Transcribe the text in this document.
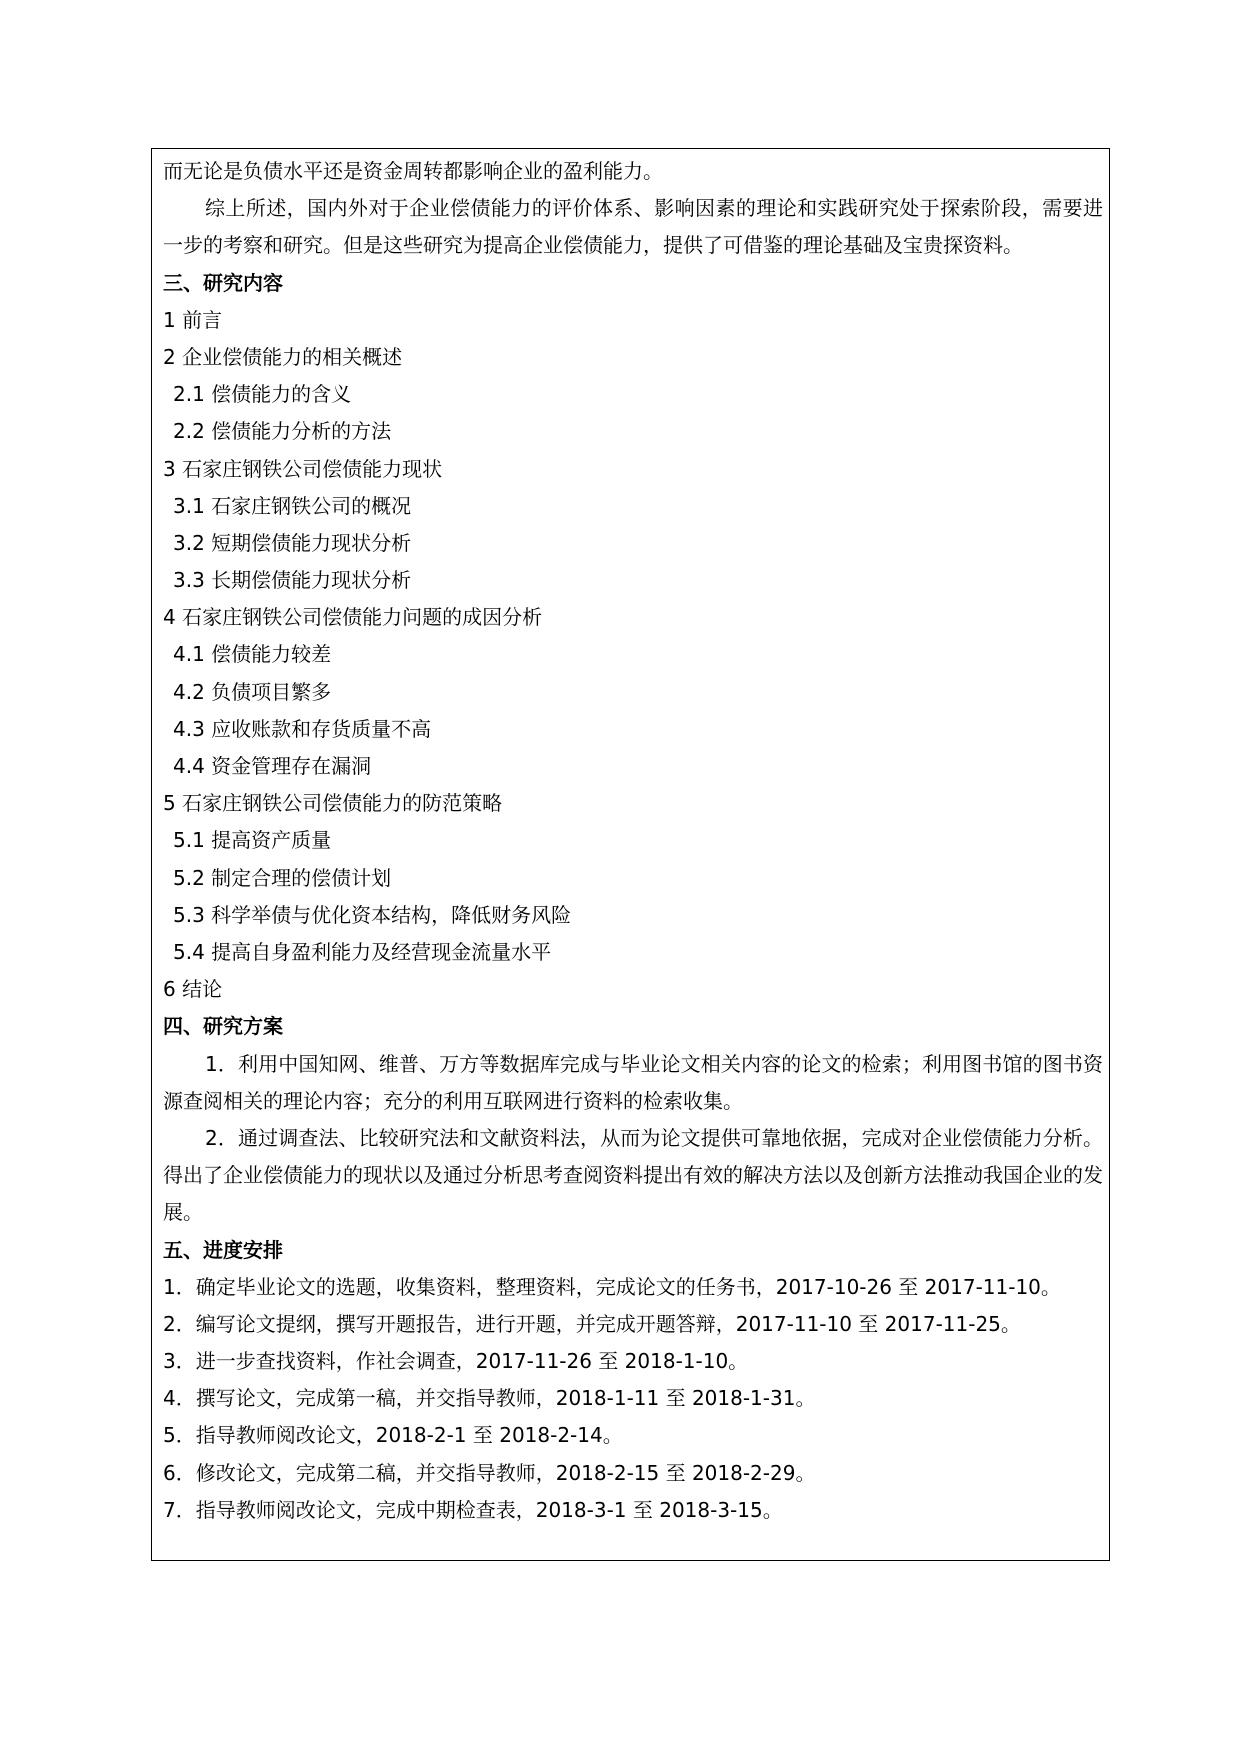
而无论是负债水平还是资金周转都影响企业的盈利能力。
综上所述，国内外对于企业偿债能力的评价体系、影响因素的理论和实践研究处于探索阶段，需要进一步的考察和研究。但是这些研究为提高企业偿债能力，提供了可借鉴的理论基础及宝贵探资料。
三、研究内容
1 前言
2 企业偿债能力的相关概述
2.1 偿债能力的含义
2.2 偿债能力分析的方法
3 石家庄钢铁公司偿债能力现状
3.1 石家庄钢铁公司的概况
3.2 短期偿债能力现状分析
3.3 长期偿债能力现状分析
4 石家庄钢铁公司偿债能力问题的成因分析
4.1 偿债能力较差
4.2 负债项目繁多
4.3 应收账款和存货质量不高
4.4 资金管理存在漏洞
5 石家庄钢铁公司偿债能力的防范策略
5.1 提高资产质量
5.2 制定合理的偿债计划
5.3 科学举债与优化资本结构，降低财务风险
5.4 提高自身盈利能力及经营现金流量水平
6 结论
四、研究方案
1．利用中国知网、维普、万方等数据库完成与毕业论文相关内容的论文的检索；利用图书馆的图书资源查阅相关的理论内容；充分的利用互联网进行资料的检索收集。
2．通过调查法、比较研究法和文献资料法，从而为论文提供可靠地依据，完成对企业偿债能力分析。得出了企业偿债能力的现状以及通过分析思考查阅资料提出有效的解决方法以及创新方法推动我国企业的发展。
五、进度安排
1．确定毕业论文的选题，收集资料，整理资料，完成论文的任务书，2017-10-26 至 2017-11-10。
2．编写论文提纲，撰写开题报告，进行开题，并完成开题答辩，2017-11-10 至 2017-11-25。
3．进一步查找资料，作社会调查，2017-11-26 至 2018-1-10。
4．撰写论文，完成第一稿，并交指导教师，2018-1-11 至 2018-1-31。
5．指导教师阅改论文，2018-2-1 至 2018-2-14。
6．修改论文，完成第二稿，并交指导教师，2018-2-15 至 2018-2-29。
7．指导教师阅改论文，完成中期检查表，2018-3-1 至 2018-3-15。
